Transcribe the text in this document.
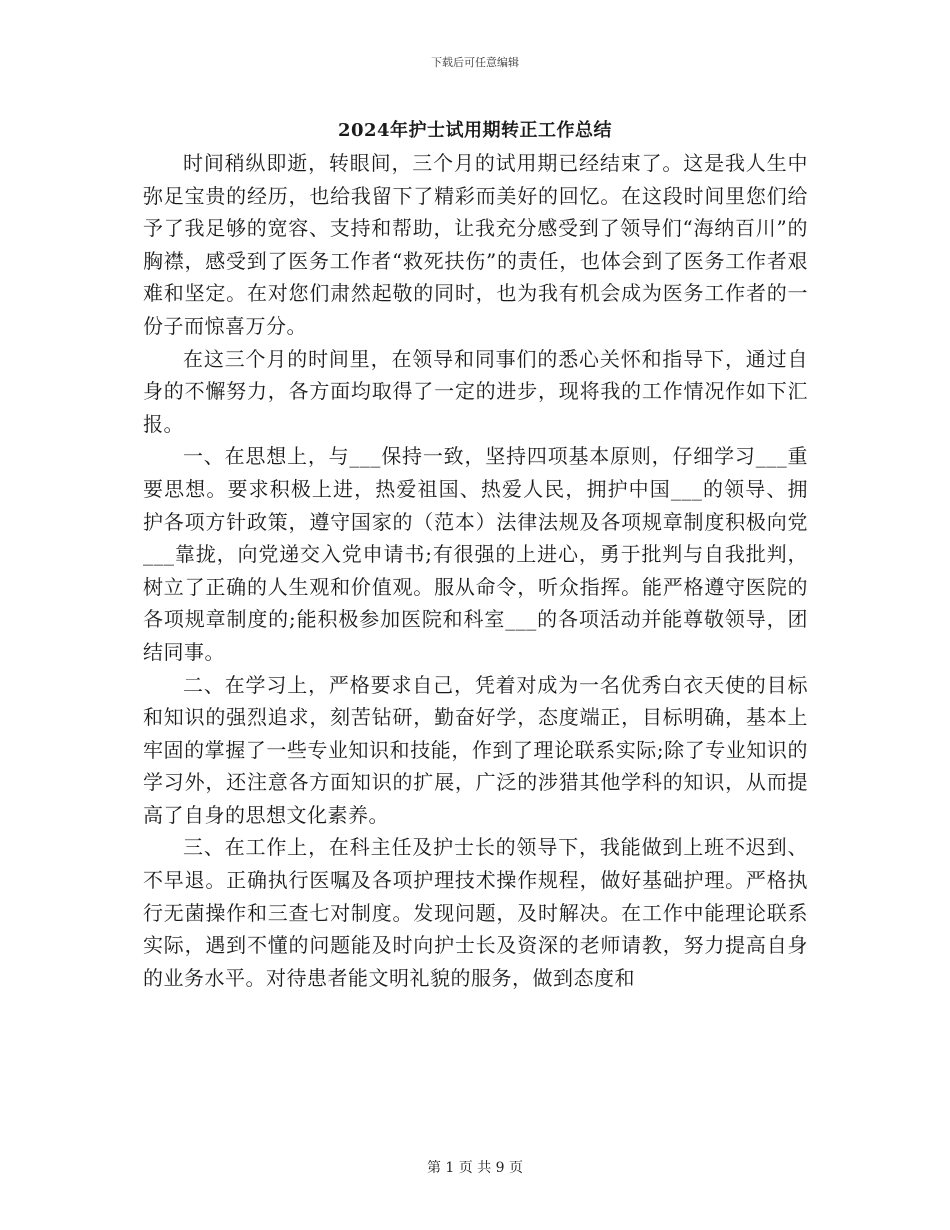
下载后可任意编辑
2024年护士试用期转正工作总结

时间稍纵即逝，转眼间，三个月的试用期已经结束了。这是我人生中弥足宝贵的经历，也给我留下了精彩而美好的回忆。在这段时间里您们给予了我足够的宽容、支持和帮助，让我充分感受到了领导们“海纳百川”的胸襟，感受到了医务工作者“救死扶伤”的责任，也体会到了医务工作者艰难和坚定。在对您们肃然起敬的同时，也为我有机会成为医务工作者的一份子而惊喜万分。

在这三个月的时间里，在领导和同事们的悉心关怀和指导下，通过自身的不懈努力，各方面均取得了一定的进步，现将我的工作情况作如下汇报。

一、在思想上，与___保持一致，坚持四项基本原则，仔细学习___重要思想。要求积极上进，热爱祖国、热爱人民，拥护中国___的领导、拥护各项方针政策，遵守国家的（范本）法律法规及各项规章制度积极向党___靠拢，向党递交入党申请书;有很强的上进心，勇于批判与自我批判，树立了正确的人生观和价值观。服从命令，听众指挥。能严格遵守医院的各项规章制度的;能积极参加医院和科室___的各项活动并能尊敬领导，团结同事。

二、在学习上，严格要求自己，凭着对成为一名优秀白衣天使的目标和知识的强烈追求，刻苦钻研，勤奋好学，态度端正，目标明确，基本上牢固的掌握了一些专业知识和技能，作到了理论联系实际;除了专业知识的学习外，还注意各方面知识的扩展，广泛的涉猎其他学科的知识，从而提高了自身的思想文化素养。

三、在工作上，在科主任及护士长的领导下，我能做到上班不迟到、不早退。正确执行医嘱及各项护理技术操作规程，做好基础护理。严格执行无菌操作和三查七对制度。发现问题，及时解决。在工作中能理论联系实际，遇到不懂的问题能及时向护士长及资深的老师请教，努力提高自身的业务水平。对待患者能文明礼貌的服务，做到态度和

第 1 页 共 9 页
